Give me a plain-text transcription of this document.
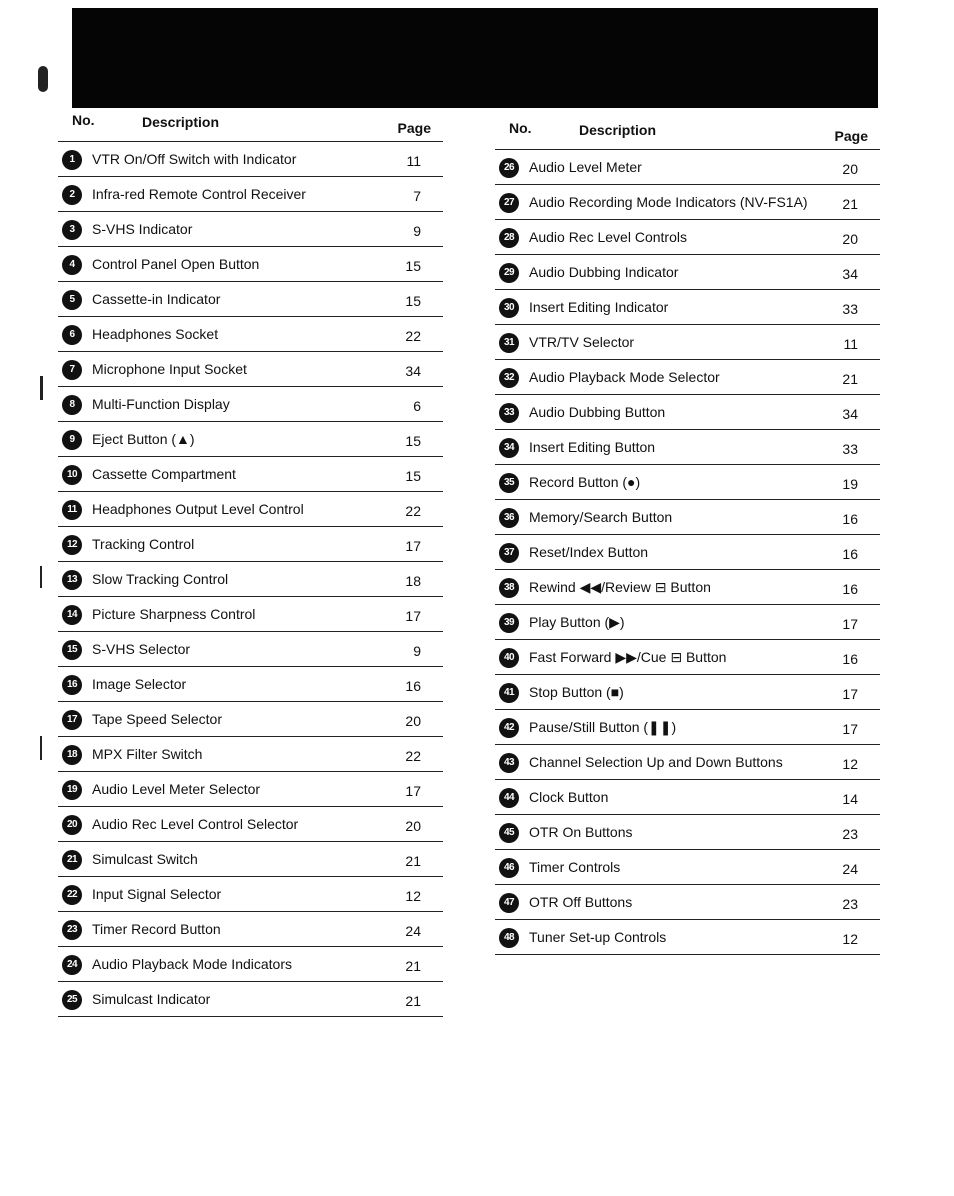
No.	Description	Page
1	VTR On/Off Switch with Indicator	11
2	Infra-red Remote Control Receiver	7
3	S-VHS Indicator	9
4	Control Panel Open Button	15
5	Cassette-in Indicator	15
6	Headphones Socket	22
7	Microphone Input Socket	34
8	Multi-Function Display	6
9	Eject Button (▲)	15
10	Cassette Compartment	15
11	Headphones Output Level Control	22
12	Tracking Control	17
13	Slow Tracking Control	18
14	Picture Sharpness Control	17
15	S-VHS Selector	9
16	Image Selector	16
17	Tape Speed Selector	20
18	MPX Filter Switch	22
19	Audio Level Meter Selector	17
20	Audio Rec Level Control Selector	20
21	Simulcast Switch	21
22	Input Signal Selector	12
23	Timer Record Button	24
24	Audio Playback Mode Indicators	21
25	Simulcast Indicator	21
No.	Description	Page
26	Audio Level Meter	20
27	Audio Recording Mode Indicators (NV-FS1A) 21
28	Audio Rec Level Controls	20
29	Audio Dubbing Indicator	34
30	Insert Editing Indicator	33
31	VTR/TV Selector	11
32	Audio Playback Mode Selector	21
33	Audio Dubbing Button	34
34	Insert Editing Button	33
35	Record Button (●)	19
36	Memory/Search Button	16
37	Reset/Index Button	16
38	Rewind ◀◀/Review ⊟ Button	16
39	Play Button (▶)	17
40	Fast Forward ▶▶/Cue ⊟ Button	16
41	Stop Button (■)	17
42	Pause/Still Button (❚❚)	17
43	Channel Selection Up and Down Buttons	12
44	Clock Button	14
45	OTR On Buttons	23
46	Timer Controls	24
47	OTR Off Buttons	23
48	Tuner Set-up Controls	12
